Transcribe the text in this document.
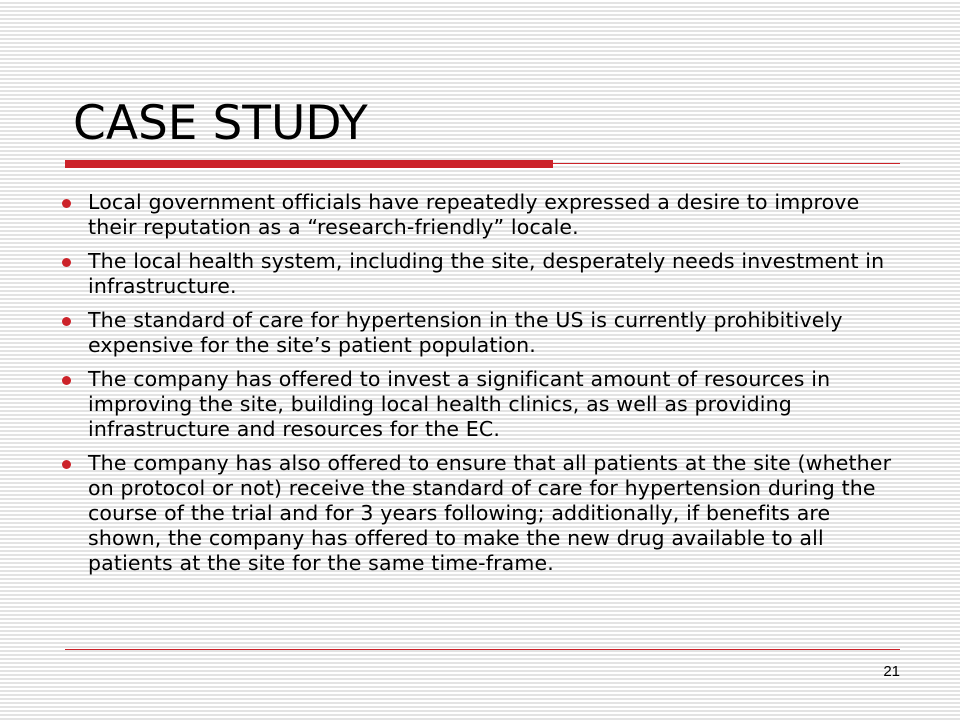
CASE STUDY
Local government officials have repeatedly expressed a desire to improve their reputation as a “research-friendly” locale.
The local health system, including the site, desperately needs investment in infrastructure.
The standard of care for hypertension in the US is currently prohibitively expensive for the site’s patient population.
The company has offered to invest a significant amount of resources in improving the site, building local health clinics, as well as providing infrastructure and resources for the EC.
The company has also offered to ensure that all patients at the site (whether on protocol or not) receive the standard of care for hypertension during the course of the trial and for 3 years following; additionally, if benefits are shown, the company has offered to make the new drug available to all patients at the site for the same time-frame.
21
